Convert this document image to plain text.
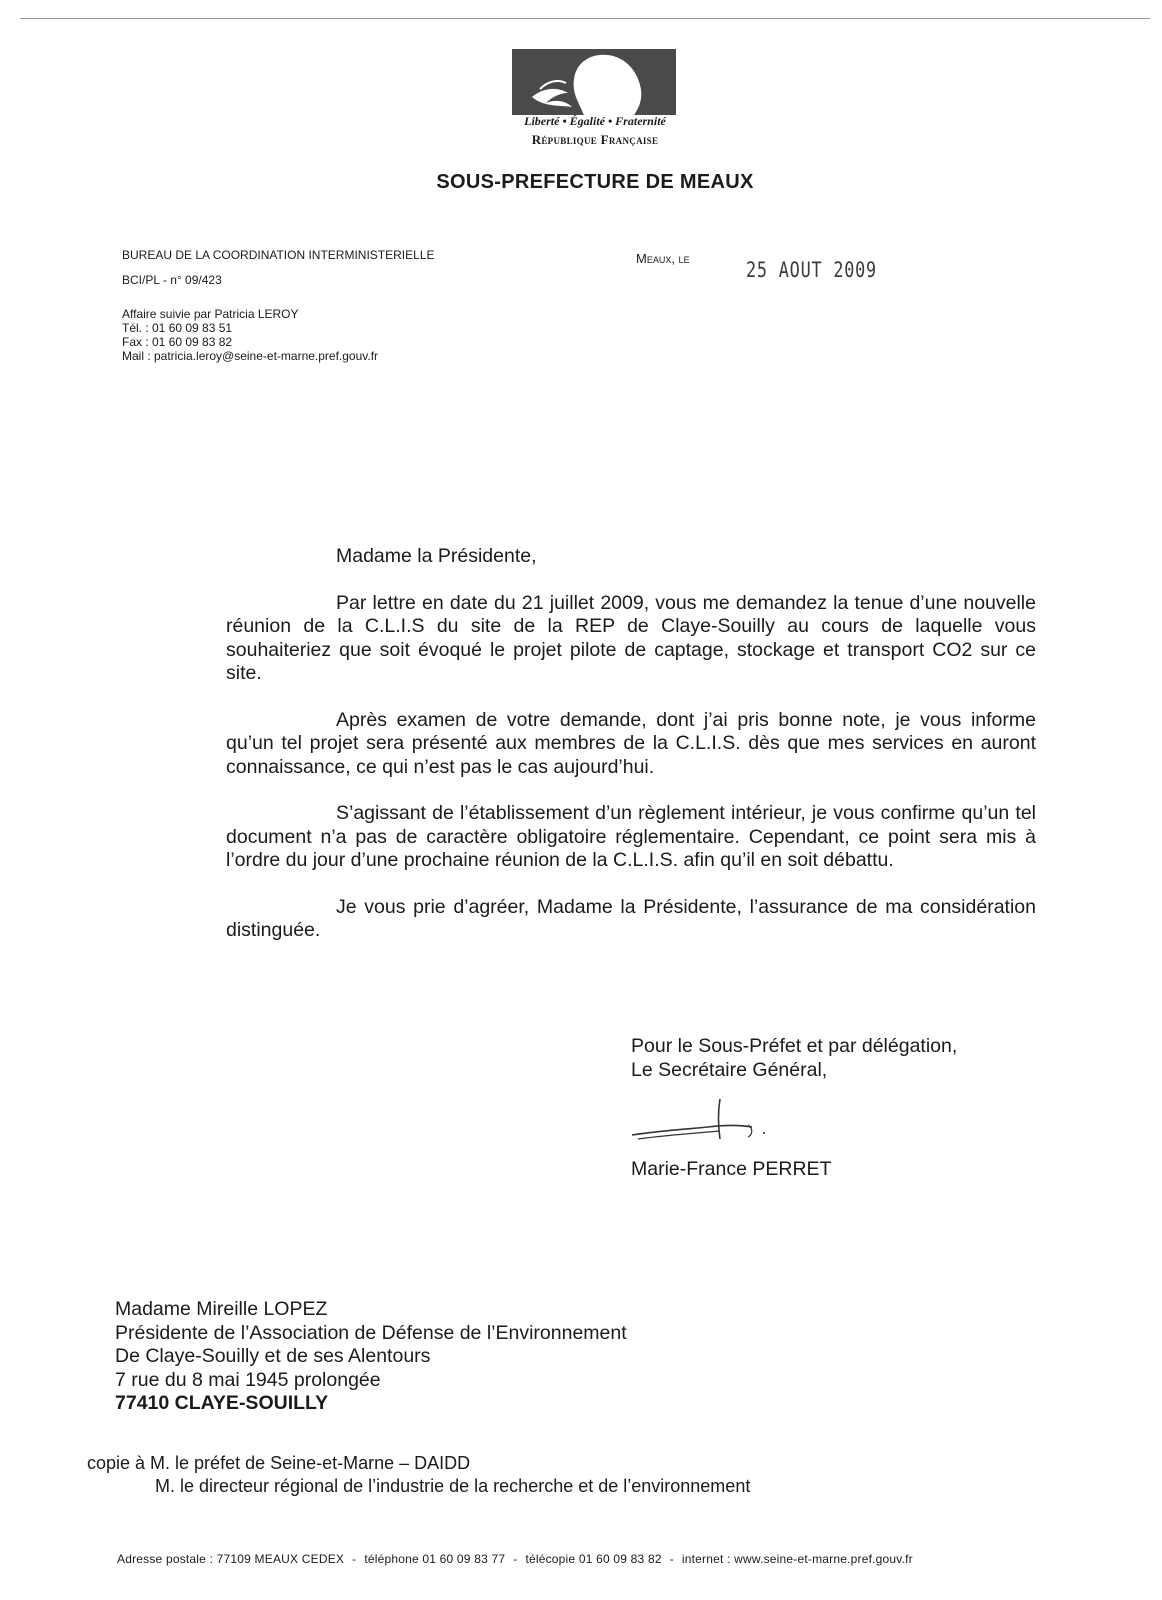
Liberté • Égalité • Fraternité
République Française
SOUS-PREFECTURE DE MEAUX
BUREAU DE LA COORDINATION INTERMINISTERIELLE
BCI/PL - n° 09/423
Affaire suivie par Patricia LEROY
Tél. : 01 60 09 83 51
Fax : 01 60 09 83 82
Mail : patricia.leroy@seine-et-marne.pref.gouv.fr
Meaux, le	25 AOUT 2009
Madame la Présidente,

Par lettre en date du 21 juillet 2009, vous me demandez la tenue d’une nouvelle réunion de la C.L.I.S du site de la REP de Claye-Souilly au cours de laquelle vous souhaiteriez que soit évoqué le projet pilote de captage, stockage et transport CO2 sur ce site.

Après examen de votre demande, dont j’ai pris bonne note, je vous informe qu’un tel projet sera présenté aux membres de la C.L.I.S. dès que mes services en auront connaissance, ce qui n’est pas le cas aujourd’hui.

S’agissant de l’établissement d’un règlement intérieur, je vous confirme qu’un tel document n’a pas de caractère obligatoire réglementaire. Cependant, ce point sera mis à l’ordre du jour d’une prochaine réunion de la C.L.I.S. afin qu’il en soit débattu.

Je vous prie d’agréer, Madame la Présidente, l’assurance de ma considération distinguée.

Pour le Sous-Préfet et par délégation,
Le Secrétaire Général,
Marie-France PERRET
Madame Mireille LOPEZ
Présidente de l’Association de Défense de l’Environnement
De Claye-Souilly et de ses Alentours
7 rue du 8 mai 1945 prolongée
77410 CLAYE-SOUILLY
copie à M. le préfet de Seine-et-Marne – DAIDD
M. le directeur régional de l’industrie de la recherche et de l’environnement
Adresse postale : 77109 MEAUX CEDEX - téléphone 01 60 09 83 77 - télécopie 01 60 09 83 82 - internet : www.seine-et-marne.pref.gouv.fr
